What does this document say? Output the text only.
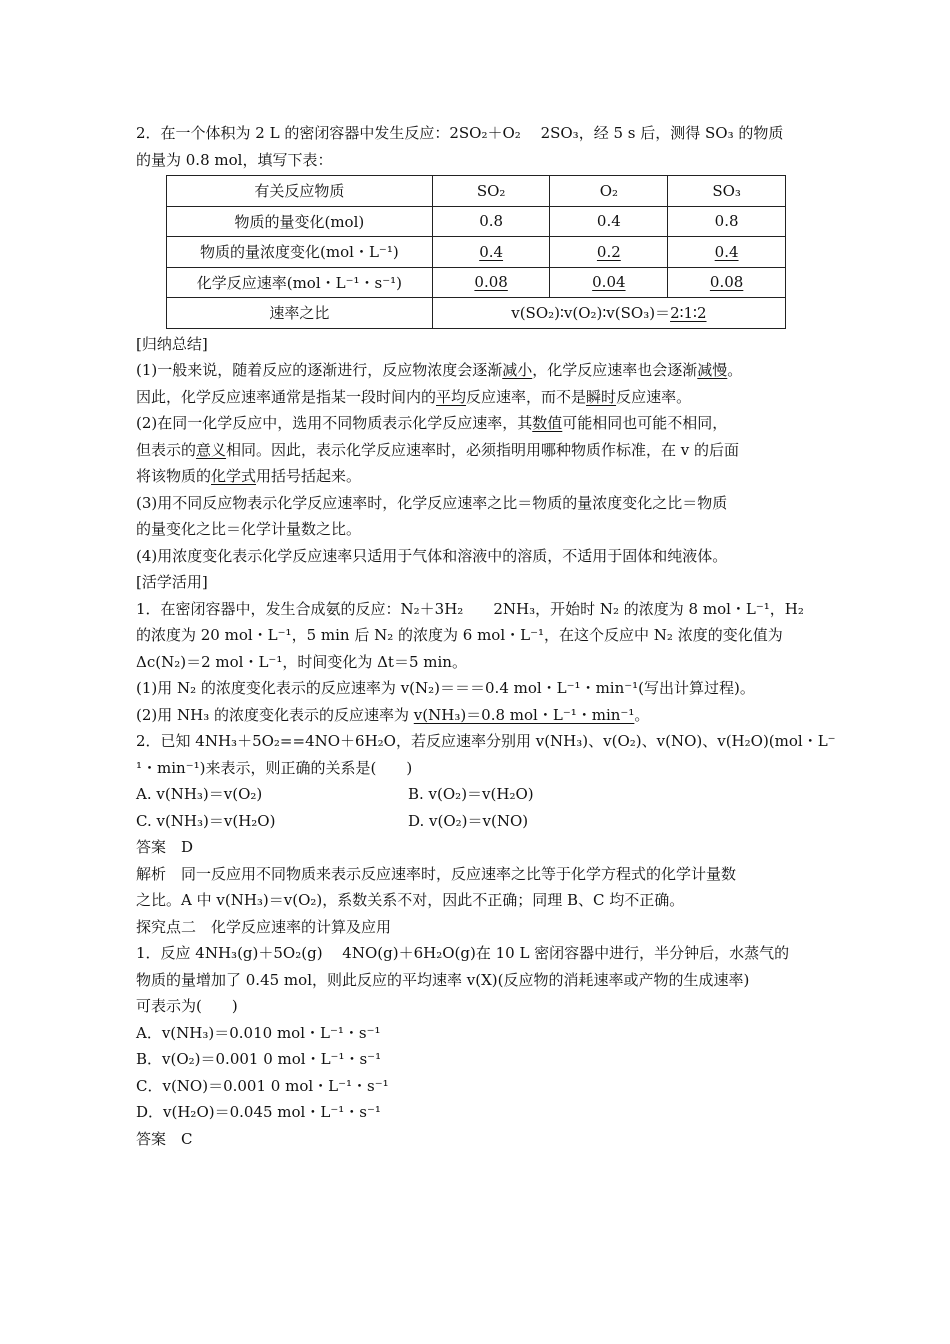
2．在一个体积为 2 L 的密闭容器中发生反应：2SO₂＋O₂　 2SO₃，经 5 s 后，测得 SO₃ 的物质
的量为 0.8 mol，填写下表：
有关反应物质	SO₂	O₂	SO₃
物质的量变化(mol)	0.8	0.4	0.8
物质的量浓度变化(mol・L⁻¹)	0.4	0.2	0.4
化学反应速率(mol・L⁻¹・s⁻¹)	0.08	0.04	0.08
速率之比	v(SO₂)∶v(O₂)∶v(SO₃)＝2∶1∶2		
[归纳总结]
(1)一般来说，随着反应的逐渐进行，反应物浓度会逐渐减小，化学反应速率也会逐渐减慢。
因此，化学反应速率通常是指某一段时间内的平均反应速率，而不是瞬时反应速率。
(2)在同一化学反应中，选用不同物质表示化学反应速率，其数值可能相同也可能不相同，
但表示的意义相同。因此，表示化学反应速率时，必须指明用哪种物质作标准，在 v 的后面
将该物质的化学式用括号括起来。
(3)用不同反应物表示化学反应速率时，化学反应速率之比＝物质的量浓度变化之比＝物质
的量变化之比＝化学计量数之比。
(4)用浓度变化表示化学反应速率只适用于气体和溶液中的溶质，不适用于固体和纯液体。
[活学活用]
1．在密闭容器中，发生合成氨的反应：N₂＋3H₂　　2NH₃，开始时 N₂ 的浓度为 8 mol・L⁻¹，H₂
的浓度为 20 mol・L⁻¹，5 min 后 N₂ 的浓度为 6 mol・L⁻¹，在这个反应中 N₂ 浓度的变化值为
Δc(N₂)＝2 mol・L⁻¹，时间变化为 Δt＝5 min。
(1)用 N₂ 的浓度变化表示的反应速率为 v(N₂)＝＝＝0.4 mol・L⁻¹・min⁻¹(写出计算过程)。
(2)用 NH₃ 的浓度变化表示的反应速率为 v(NH₃)＝0.8 mol・L⁻¹・min⁻¹。
2．已知 4NH₃＋5O₂==4NO＋6H₂O，若反应速率分别用 v(NH₃)、v(O₂)、v(NO)、v(H₂O)(mol・L⁻
¹・min⁻¹)来表示，则正确的关系是(　　)
A. v(NH₃)＝v(O₂)	B. v(O₂)＝v(H₂O)
C. v(NH₃)＝v(H₂O)	D. v(O₂)＝v(NO)
答案　D
解析　同一反应用不同物质来表示反应速率时，反应速率之比等于化学方程式的化学计量数
之比。A 中 v(NH₃)＝v(O₂)，系数关系不对，因此不正确；同理 B、C 均不正确。
探究点二　化学反应速率的计算及应用
1．反应 4NH₃(g)＋5O₂(g)　 4NO(g)＋6H₂O(g)在 10 L 密闭容器中进行，半分钟后，水蒸气的
物质的量增加了 0.45 mol，则此反应的平均速率 v(X)(反应物的消耗速率或产物的生成速率)
可表示为(　　)
A．v(NH₃)＝0.010 mol・L⁻¹・s⁻¹
B．v(O₂)＝0.001 0 mol・L⁻¹・s⁻¹
C．v(NO)＝0.001 0 mol・L⁻¹・s⁻¹
D．v(H₂O)＝0.045 mol・L⁻¹・s⁻¹
答案　C
